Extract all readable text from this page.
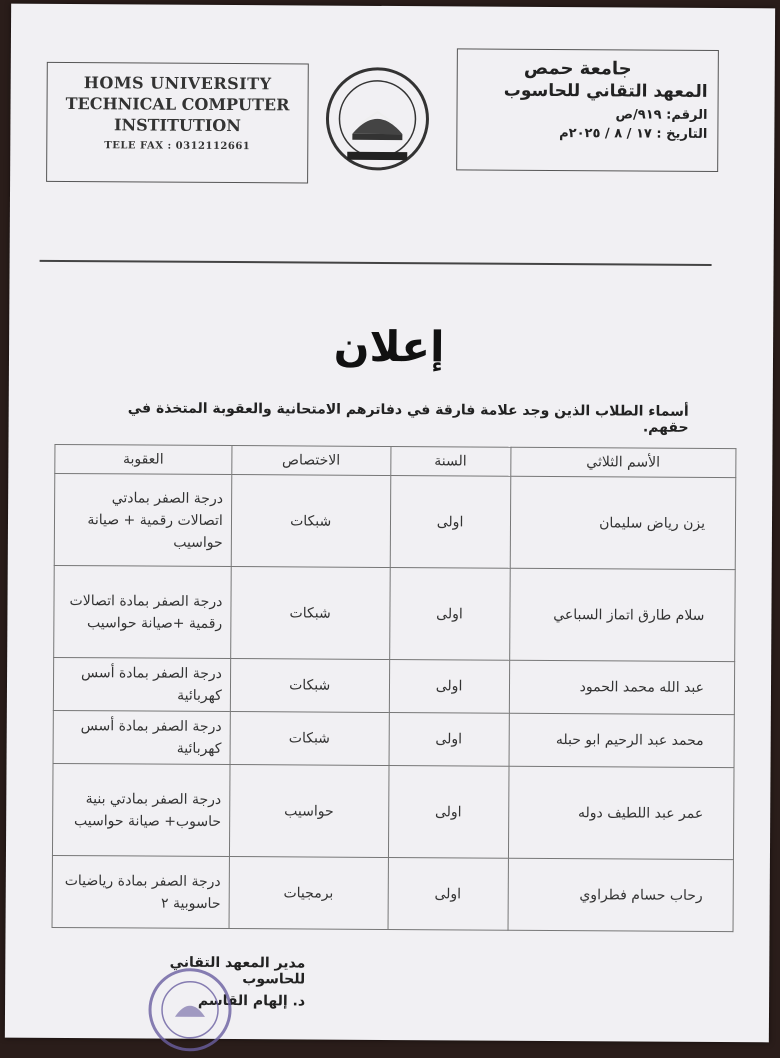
HOMS UNIVERSITY
TECHNICAL COMPUTER
INSTITUTION
TELE FAX : 0312112661
جامعة حمص
المعهد التقاني للحاسوب
الرقم: ٩١٩/ص
التاريخ : ١٧ / ٨ / ٢٠٢٥م
إعلان
أسماء الطلاب الذين وجد علامة فارقة في دفاترهم الامتحانية والعقوبة المتخذة في حقهم.
الأسم الثلاثي	السنة	الاختصاص	العقوبة
يزن رياض سليمان	اولى	شبكات	درجة الصفر بمادتي اتصالات رقمية + صيانة حواسيب
سلام طارق اتماز السباعي	اولى	شبكات	درجة الصفر بمادة اتصالات رقمية +صيانة حواسيب
عبد الله محمد الحمود	اولى	شبكات	درجة الصفر بمادة أسس كهربائية
محمد عبد الرحيم ابو حبله	اولى	شبكات	درجة الصفر بمادة أسس كهربائية
عمر عبد اللطيف دوله	اولى	حواسيب	درجة الصفر بمادتي بنية حاسوب+ صيانة حواسيب
رحاب حسام فطراوي	اولى	برمجيات	درجة الصفر بمادة رياضيات حاسوبية ٢
مدير المعهد التقاني للحاسوب
د. إلهام القاسم
